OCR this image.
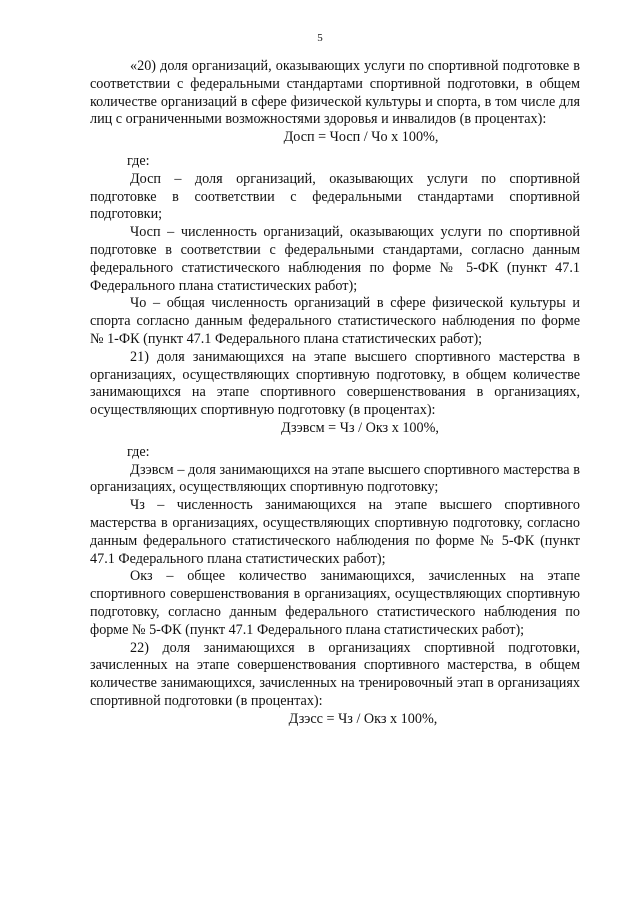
5

«20) доля организаций, оказывающих услуги по спортивной подготовке в соответствии с федеральными стандартами спортивной подготовки, в общем количестве организаций в сфере физической культуры и спорта, в том числе для лиц с ограниченными возможностями здоровья и инвалидов (в процентах):

Досп = Чосп / Чо х 100%,

где:

Досп – доля организаций, оказывающих услуги по спортивной подготовке в соответствии с федеральными стандартами спортивной подготовки;

Чосп – численность организаций, оказывающих услуги по спортивной подготовке в соответствии с федеральными стандартами, согласно данным федерального статистического наблюдения по форме № 5-ФК (пункт 47.1 Федерального плана статистических работ);

Чо – общая численность организаций в сфере физической культуры и спорта согласно данным федерального статистического наблюдения по форме № 1-ФК (пункт 47.1 Федерального плана статистических работ);

21) доля занимающихся на этапе высшего спортивного мастерства в организациях, осуществляющих спортивную подготовку, в общем количестве занимающихся на этапе спортивного совершенствования в организациях, осуществляющих спортивную подготовку (в процентах):

Дзэвсм = Чз / Окз х 100%,

где:

Дзэвсм – доля занимающихся на этапе высшего спортивного мастерства в организациях, осуществляющих спортивную подготовку;

Чз – численность занимающихся на этапе высшего спортивного мастерства в организациях, осуществляющих спортивную подготовку, согласно данным федерального статистического наблюдения по форме № 5-ФК (пункт 47.1 Федерального плана статистических работ);

Окз – общее количество занимающихся, зачисленных на этапе спортивного совершенствования в организациях, осуществляющих спортивную подготовку, согласно данным федерального статистического наблюдения по форме № 5-ФК (пункт 47.1 Федерального плана статистических работ);

22) доля занимающихся в организациях спортивной подготовки, зачисленных на этапе совершенствования спортивного мастерства, в общем количестве занимающихся, зачисленных на тренировочный этап в организациях спортивной подготовки (в процентах):

Дзэсс = Чз / Окз х 100%,
